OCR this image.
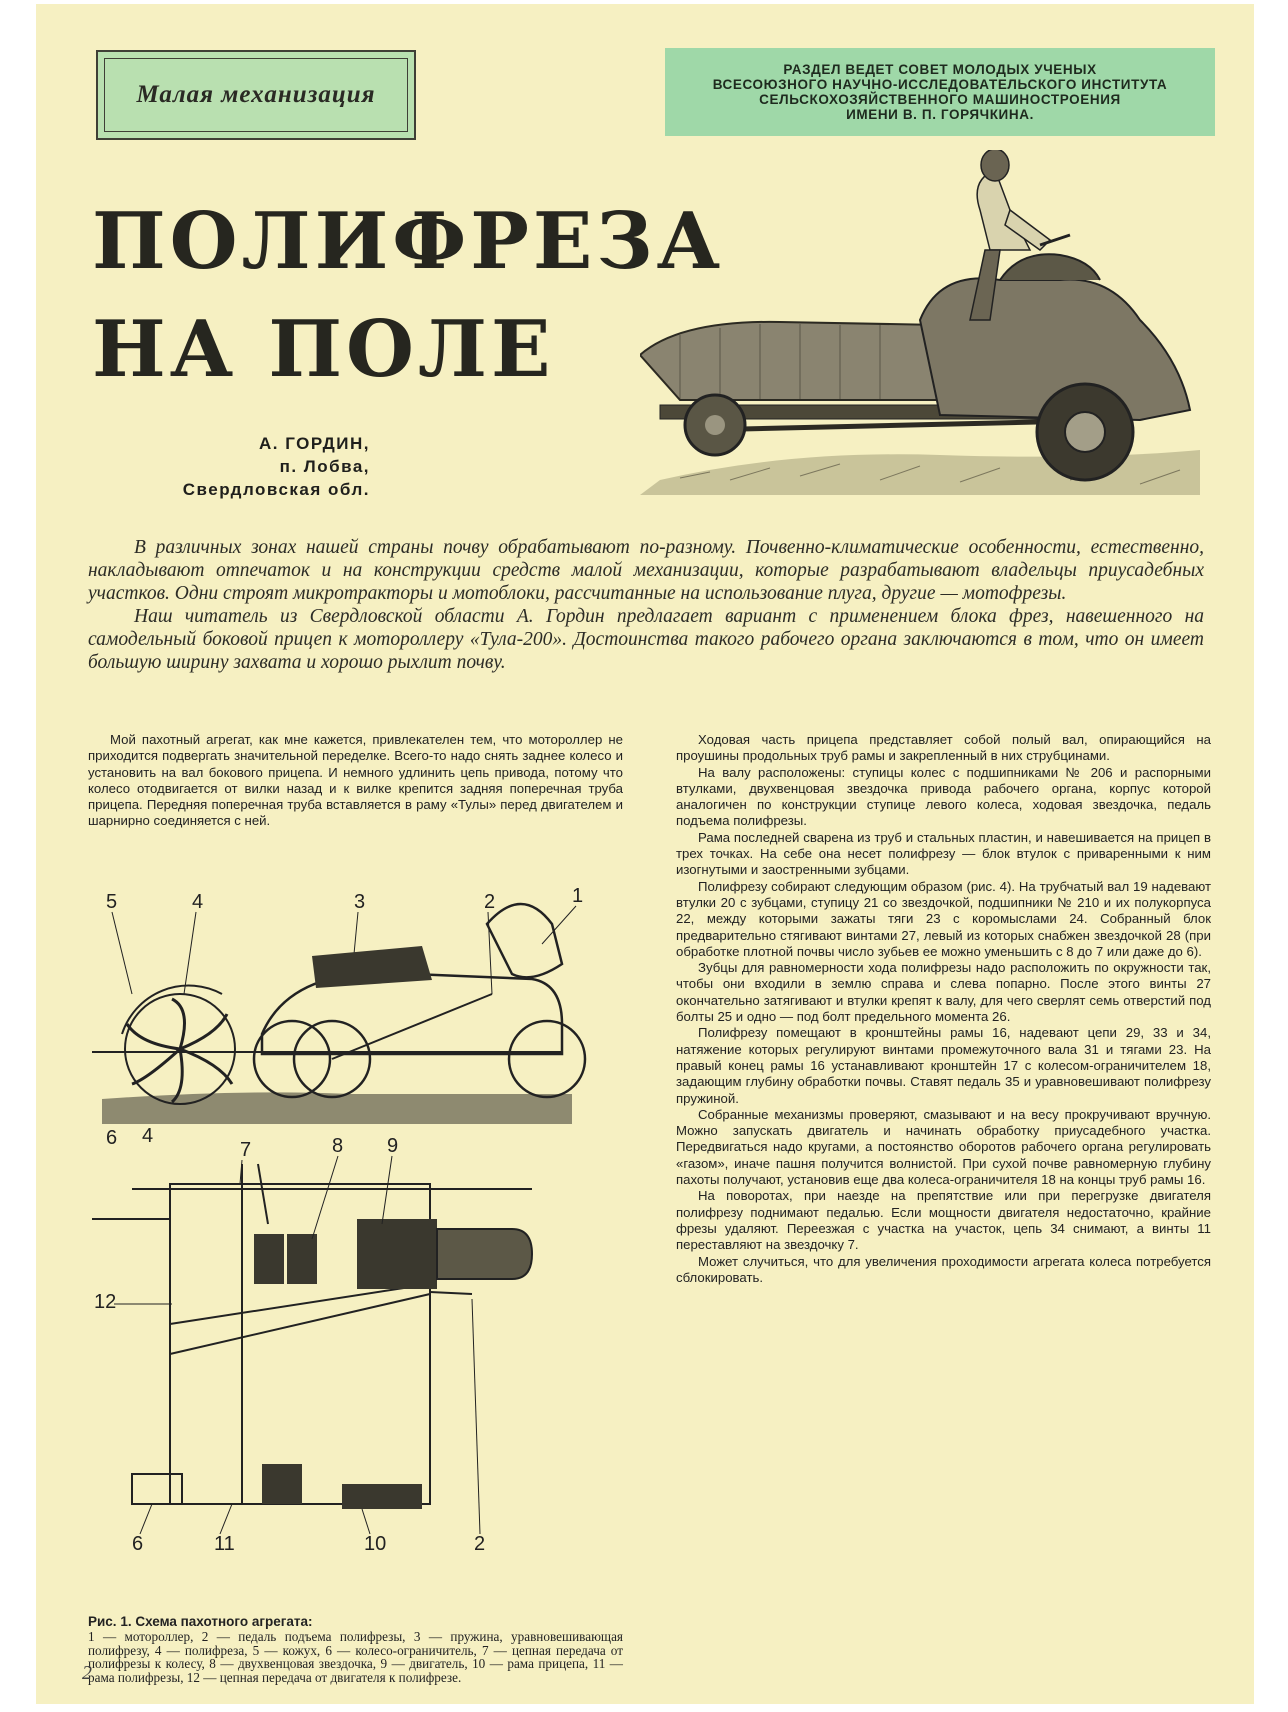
Малая механизация
РАЗДЕЛ ВЕДЕТ СОВЕТ МОЛОДЫХ УЧЕНЫХ
ВСЕСОЮЗНОГО НАУЧНО-ИССЛЕДОВАТЕЛЬСКОГО ИНСТИТУТА
СЕЛЬСКОХОЗЯЙСТВЕННОГО МАШИНОСТРОЕНИЯ
ИМЕНИ В. П. ГОРЯЧКИНА.
ПОЛИФРЕЗА
НА ПОЛЕ
А. ГОРДИН,
п. Лобва,
Свердловская обл.

В различных зонах нашей страны почву обрабатывают по-разному. Почвенно-климатические особенности, естественно, накладывают отпечаток и на конструкции средств малой механизации, которые разрабатывают владельцы приусадебных участков. Одни строят микротракторы и мотоблоки, рассчитанные на использование плуга, другие — мотофрезы.

Наш читатель из Свердловской области А. Гордин предлагает вариант с применением блока фрез, навешенного на самодельный боковой прицеп к мотороллеру «Тула-200». Достоинства такого рабочего органа заключаются в том, что он имеет большую ширину захвата и хорошо рыхлит почву.

Мой пахотный агрегат, как мне кажется, привлекателен тем, что мотороллер не приходится подвергать значительной переделке. Всего-то надо снять заднее колесо и установить на вал бокового прицепа. И немного удлинить цепь привода, потому что колесо отодвигается от вилки назад и к вилке крепится задняя поперечная труба прицепа. Передняя поперечная труба вставляется в раму «Тулы» перед двигателем и шарнирно соединяется с ней.

Ходовая часть прицепа представляет собой полый вал, опирающийся на проушины продольных труб рамы и закрепленный в них струбцинами.

На валу расположены: ступицы колес с подшипниками № 206 и распорными втулками, двухвенцовая звездочка привода рабочего органа, корпус которой аналогичен по конструкции ступице левого колеса, ходовая звездочка, педаль подъема полифрезы.

Рама последней сварена из труб и стальных пластин, и навешивается на прицеп в трех точках. На себе она несет полифрезу — блок втулок с приваренными к ним изогнутыми и заостренными зубцами.

Полифрезу собирают следующим образом (рис. 4). На трубчатый вал 19 надевают втулки 20 с зубцами, ступицу 21 со звездочкой, подшипники № 210 и их полукорпуса 22, между которыми зажаты тяги 23 с коромыслами 24. Собранный блок предварительно стягивают винтами 27, левый из которых снабжен звездочкой 28 (при обработке плотной почвы число зубьев ее можно уменьшить с 8 до 7 или даже до 6).

Зубцы для равномерности хода полифрезы надо расположить по окружности так, чтобы они входили в землю справа и слева попарно. После этого винты 27 окончательно затягивают и втулки крепят к валу, для чего сверлят семь отверстий под болты 25 и одно — под болт предельного момента 26.

Полифрезу помещают в кронштейны рамы 16, надевают цепи 29, 33 и 34, натяжение которых регулируют винтами промежуточного вала 31 и тягами 23. На правый конец рамы 16 устанавливают кронштейн 17 с колесом-ограничителем 18, задающим глубину обработки почвы. Ставят педаль 35 и уравновешивают полифрезу пружиной.

Собранные механизмы проверяют, смазывают и на весу прокручивают вручную. Можно запускать двигатель и начинать обработку приусадебного участка. Передвигаться надо кругами, а постоянство оборотов рабочего органа регулировать «газом», иначе пашня получится волнистой. При сухой почве равномерную глубину пахоты получают, установив еще два колеса-ограничителя 18 на концы труб рамы 16.

На поворотах, при наезде на препятствие или при перегрузке двигателя полифрезу поднимают педалью. Если мощности двигателя недостаточно, крайние фрезы удаляют. Переезжая с участка на участок, цепь 34 снимают, а винты 11 переставляют на звездочку 7.

Может случиться, что для увеличения проходимости агрегата колеса потребуется сблокировать.

5	4	3	2	1
6 4
7	8 9
12
6	11	10	2
Рис. 1. Схема пахотного агрегата:
1 — мотороллер, 2 — педаль подъема полифрезы, 3 — пружина, уравновешивающая полифрезу, 4 — полифреза, 5 — кожух, 6 — колесо-ограничитель, 7 — цепная передача от полифрезы к колесу, 8 — двухвенцовая звездочка, 9 — двигатель, 10 — рама прицепа, 11 — рама полифрезы, 12 — цепная передача от двигателя к полифрезе.
2
